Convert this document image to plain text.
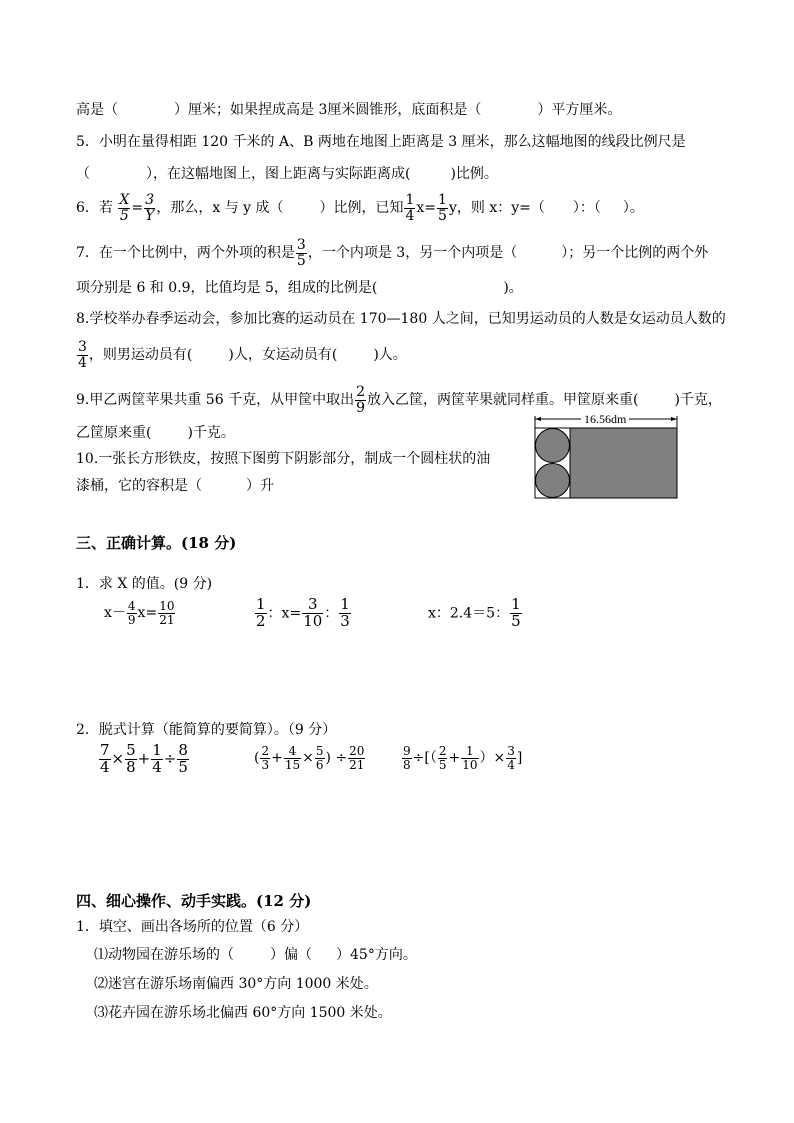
高是（	）厘米；如果捏成高是 3厘米圆锥形，底面积是（	）平方厘米。
5．小明在量得相距 120 千米的 A、B 两地在地图上距离是 3 厘米，那么这幅地图的线段比例尺是
（	），在这幅地图上，图上距离与实际距离成(	)比例。
6．若 $\frac{X}{5} = \frac{3}{Y}$ ，那么，x 与 y 成（	）比例，已知 $\frac{1}{4} x= \frac{1}{5}$ y，则 x：y=（ ）：（ ）。
7．在一个比例中，两个外项的积是 $\frac{3}{5}$ ，一个内项是 3，另一个内项是（	）；另一个比例的两个外
项分别是 6 和 0.9，比值均是 5，组成的比例是(	)。
8.学校举办春季运动会，参加比赛的运动员在 170—180 人之间，已知男运动员的人数是女运动员人数的
$\frac{3}{4}$ ，则男运动员有(	)人，女运动员有(	)人。
9.甲乙两筐苹果共重 56 千克，从甲筐中取出 $\frac{2}{9}$ 放入乙筐，两筐苹果就同样重。甲筐原来重(	)千克，
乙筐原来重(	)千克。
10.一张长方形铁皮，按照下图剪下阴影部分，制成一个圆柱状的油
漆桶，它的容积是（	）升
16.56dm
三、正确计算。(18 分)
1．求 X 的值。(9 分)
$x- \frac{4}{9} x= \frac{10}{21}$	$\frac{1}{2}$ ：$x= \frac{3}{10}$ ： $\frac{1}{3}$	x：2.4＝5： $\frac{1}{5}$
2．脱式计算（能简算的要简算）。（9 分）
$\frac{7}{4} \times \frac{5}{8} + \frac{1}{4} \div \frac{8}{5}$	( $\frac{2}{3} + \frac{4}{15} \times \frac{5}{6}$ ) ÷ $\frac{20}{21}$	$\frac{9}{8}$ ÷[（ $\frac{2}{5} + \frac{1}{10}$ ）× $\frac{3}{4}$ ]
四、细心操作、动手实践。(12 分)
1．填空、画出各场所的位置（6 分）
⑴动物园在游乐场的（	）偏（ ）45°方向。
⑵迷宫在游乐场南偏西 30°方向 1000 米处。
⑶花卉园在游乐场北偏西 60°方向 1500 米处。
